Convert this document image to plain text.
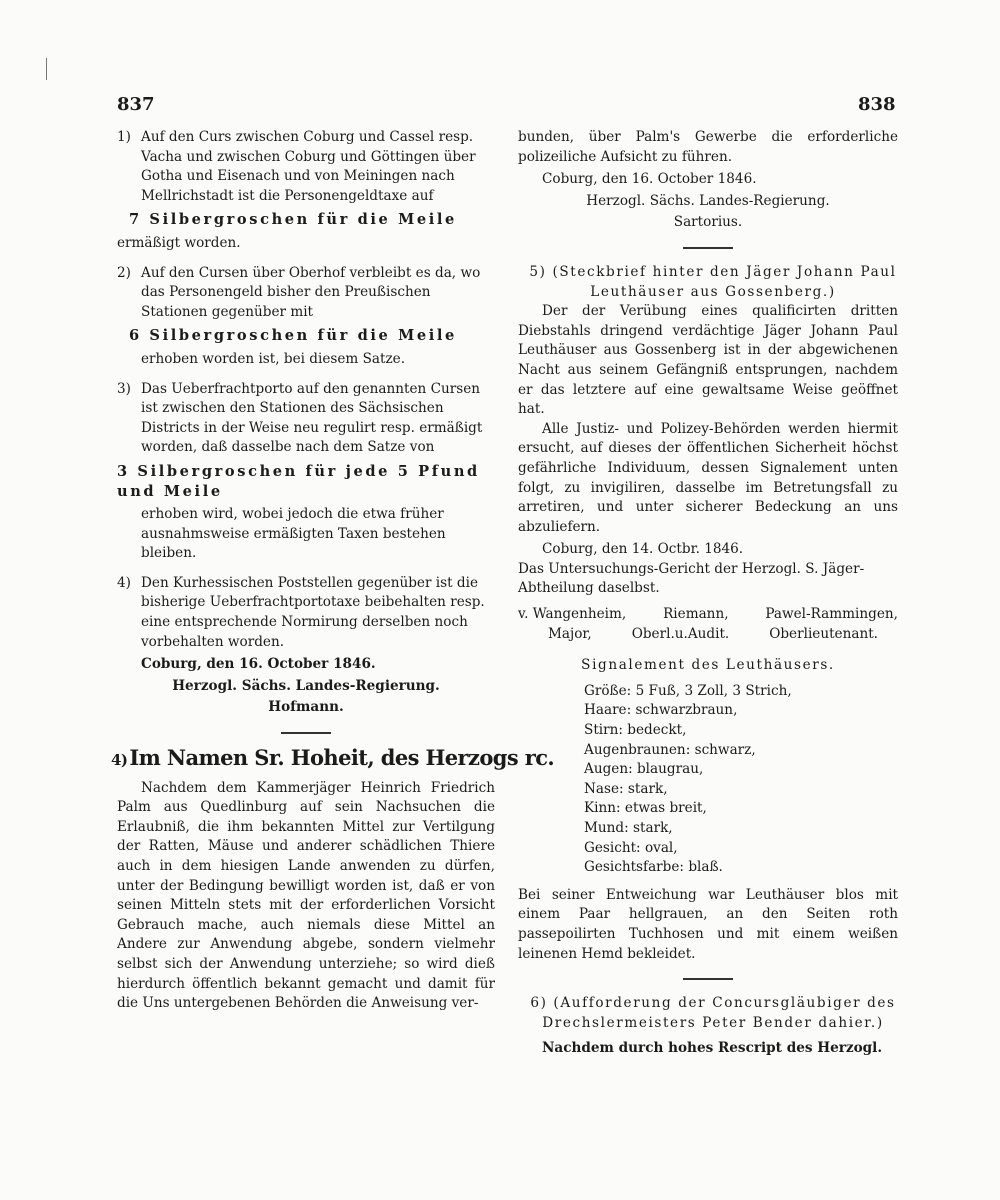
837	838
1) Auf den Curs zwischen Coburg und Cassel resp. Vacha und zwischen Coburg und Göttingen über Gotha und Eisenach und von Meiningen nach Mellrichstadt ist die Personengeldtaxe auf
7 Silbergroschen für die Meile
ermäßigt worden.
2) Auf den Cursen über Oberhof verbleibt es da, wo das Personengeld bisher den Preußischen Stationen gegenüber mit
6 Silbergroschen für die Meile
erhoben worden ist, bei diesem Satze.
3) Das Ueberfrachtporto auf den genannten Cursen ist zwischen den Stationen des Sächsischen Districts in der Weise neu regulirt resp. ermäßigt worden, daß dasselbe nach dem Satze von
3 Silbergroschen für jede 5 Pfund und Meile
erhoben wird, wobei jedoch die etwa früher ausnahmsweise ermäßigten Taxen bestehen bleiben.
4) Den Kurhessischen Poststellen gegenüber ist die bisherige Ueberfrachtportotaxe beibehalten resp. eine entsprechende Normirung derselben noch vorbehalten worden.
Coburg, den 16. October 1846.
Herzogl. Sächs. Landes-Regierung.
Hofmann.
4)Im Namen Sr. Hoheit, des Herzogs rc.

Nachdem dem Kammerjäger Heinrich Friedrich Palm aus Quedlinburg auf sein Nachsuchen die Erlaubniß, die ihm bekannten Mittel zur Vertilgung der Ratten, Mäuse und anderer schädlichen Thiere auch in dem hiesigen Lande anwenden zu dürfen, unter der Bedingung bewilligt worden ist, daß er von seinen Mitteln stets mit der erforderlichen Vorsicht Gebrauch mache, auch niemals diese Mittel an Andere zur Anwendung abgebe, sondern vielmehr selbst sich der Anwendung unterziehe; so wird dieß hierdurch öffentlich bekannt gemacht und damit für die Uns untergebenen Behörden die Anweisung ver-

bunden, über Palm's Gewerbe die erforderliche polizeiliche Aufsicht zu führen.

Coburg, den 16. October 1846.
Herzogl. Sächs. Landes-Regierung.
Sartorius.
5) (Steckbrief hinter den Jäger Johann Paul Leuthäuser aus Gossenberg.)

Der der Verübung eines qualificirten dritten Diebstahls dringend verdächtige Jäger Johann Paul Leuthäuser aus Gossenberg ist in der abgewichenen Nacht aus seinem Gefängniß entsprungen, nachdem er das letztere auf eine gewaltsame Weise geöffnet hat.

Alle Justiz- und Polizey-Behörden werden hiermit ersucht, auf dieses der öffentlichen Sicherheit höchst gefährliche Individuum, dessen Signalement unten folgt, zu invigiliren, dasselbe im Betretungsfall zu arretiren, und unter sicherer Bedeckung an uns abzuliefern.

Coburg, den 14. Octbr. 1846.
Das Untersuchungs-Gericht der Herzogl. S. Jäger-Abtheilung daselbst.
v. Wangenheim,	Riemann,	Pawel-Rammingen,
Major,	Oberl.u.Audit.	Oberlieutenant.
Signalement des Leuthäusers.
Größe: 5 Fuß, 3 Zoll, 3 Strich,
Haare: schwarzbraun,
Stirn: bedeckt,
Augenbraunen: schwarz,
Augen: blaugrau,
Nase: stark,
Kinn: etwas breit,
Mund: stark,
Gesicht: oval,
Gesichtsfarbe: blaß.

Bei seiner Entweichung war Leuthäuser blos mit einem Paar hellgrauen, an den Seiten roth passepoilirten Tuchhosen und mit einem weißen leinenen Hemd bekleidet.

6) (Aufforderung der Concursgläubiger des Drechslermeisters Peter Bender dahier.)

Nachdem durch hohes Rescript des Herzogl.
